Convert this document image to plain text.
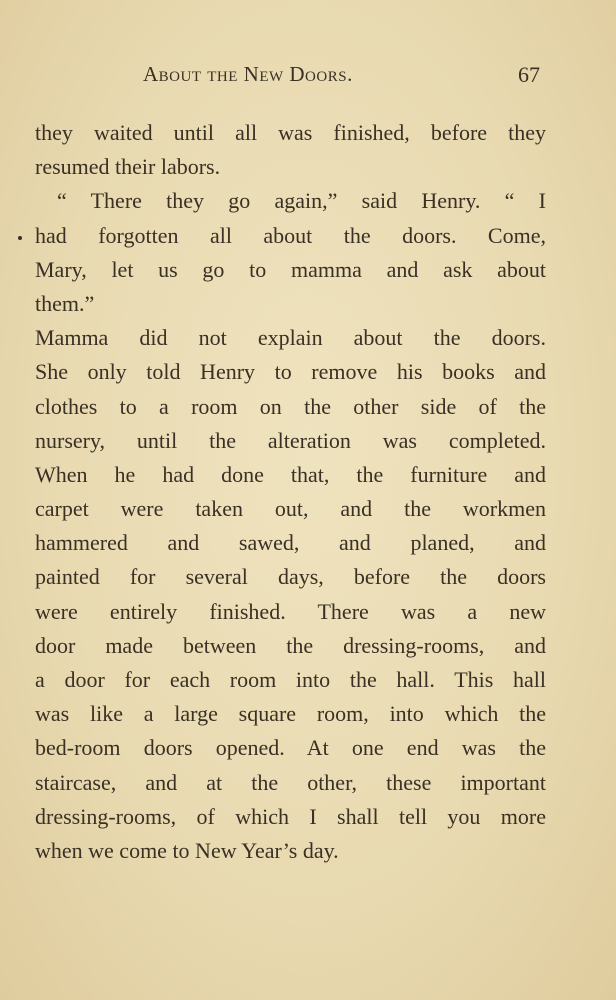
About the New Doors.	67
they waited until all was finished, before they
resumed their labors.
“ There they go again,” said Henry. “ I
had forgotten all about the doors. Come,
Mary, let us go to mamma and ask about
them.”
Mamma did not explain about the doors.
She only told Henry to remove his books and
clothes to a room on the other side of the
nursery, until the alteration was completed.
When he had done that, the furniture and
carpet were taken out, and the workmen
hammered and sawed, and planed, and
painted for several days, before the doors
were entirely finished. There was a new
door made between the dressing-rooms, and
a door for each room into the hall. This hall
was like a large square room, into which the
bed-room doors opened. At one end was the
staircase, and at the other, these important
dressing-rooms, of which I shall tell you more
when we come to New Year’s day.
